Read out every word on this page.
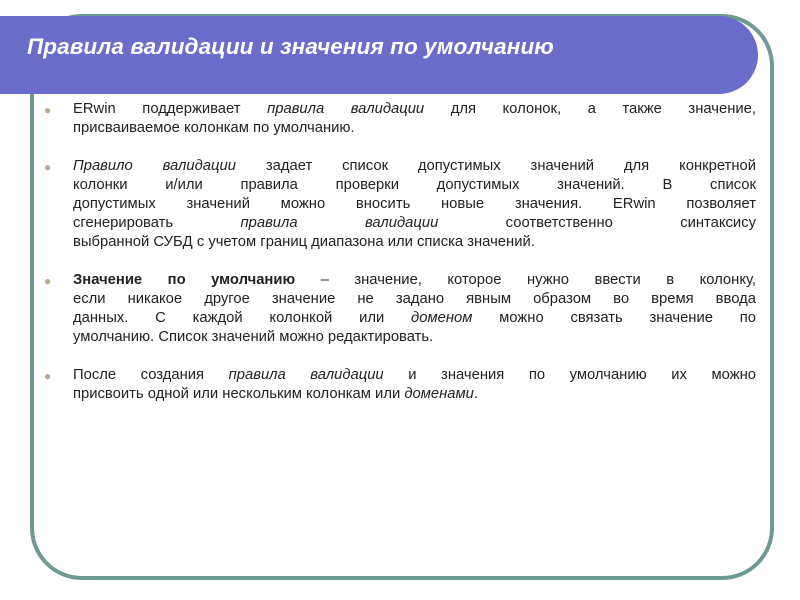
Правила валидации и значения по умолчанию
● ERwin поддерживает правила валидации для колонок, а также значение,
присваиваемое колонкам по умолчанию.
● Правило валидации задает список допустимых значений для конкретной
колонки и/или правила проверки допустимых значений. В список
допустимых значений можно вносить новые значения. ERwin позволяет
сгенерировать правила валидации соответственно синтаксису
выбранной СУБД с учетом границ диапазона или списка значений.
● Значение по умолчанию – значение, которое нужно ввести в колонку,
если никакое другое значение не задано явным образом во время ввода
данных. С каждой колонкой или доменом можно связать значение по
умолчанию. Список значений можно редактировать.
● После создания правила валидации и значения по умолчанию их можно
присвоить одной или нескольким колонкам или доменами.
